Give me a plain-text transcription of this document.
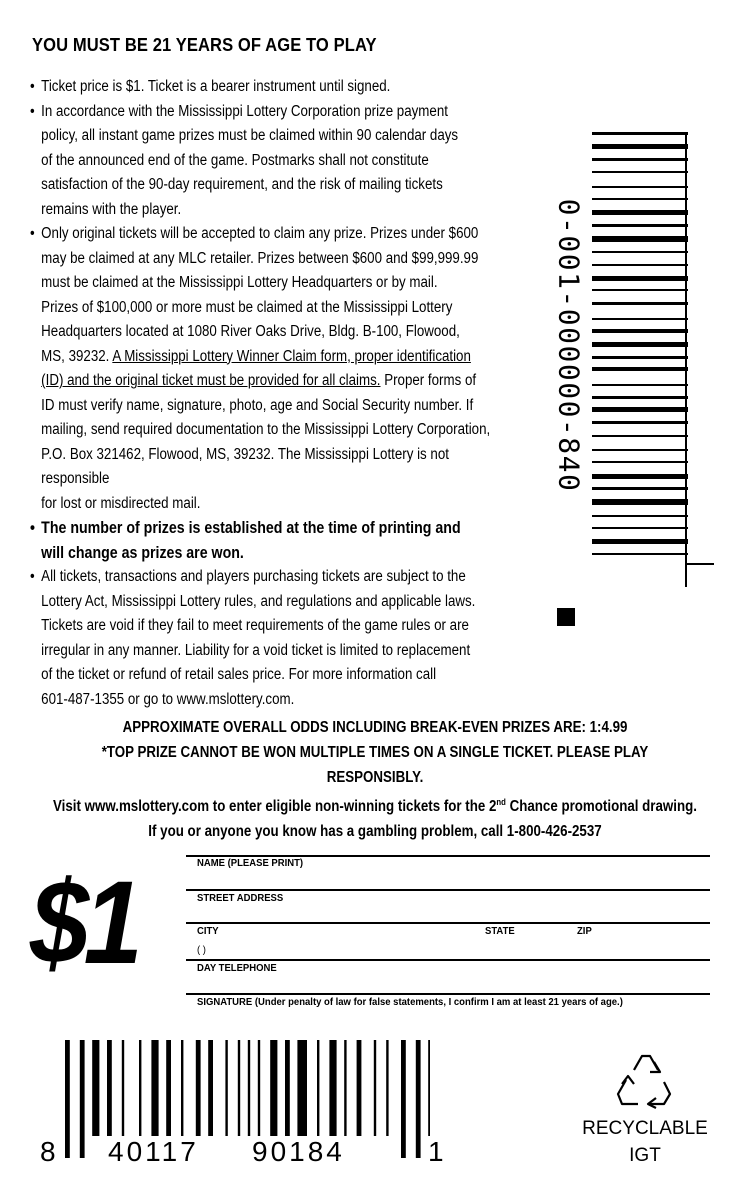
YOU MUST BE 21 YEARS OF AGE TO PLAY
• Ticket price is $1. Ticket is a bearer instrument until signed.
• In accordance with the Mississippi Lottery Corporation prize payment
policy, all instant game prizes must be claimed within 90 calendar days
of the announced end of the game. Postmarks shall not constitute
satisfaction of the 90-day requirement, and the risk of mailing tickets
remains with the player.
• Only original tickets will be accepted to claim any prize. Prizes under $600
may be claimed at any MLC retailer. Prizes between $600 and $99,999.99
must be claimed at the Mississippi Lottery Headquarters or by mail.
Prizes of $100,000 or more must be claimed at the Mississippi Lottery
Headquarters located at 1080 River Oaks Drive, Bldg. B-100, Flowood,
MS, 39232. A Mississippi Lottery Winner Claim form, proper identification
(ID) and the original ticket must be provided for all claims. Proper forms of
ID must verify name, signature, photo, age and Social Security number. If
mailing, send required documentation to the Mississippi Lottery Corporation,
P.O. Box 321462, Flowood, MS, 39232. The Mississippi Lottery is not responsible
for lost or misdirected mail.
• The number of prizes is established at the time of printing and
will change as prizes are won.
• All tickets, transactions and players purchasing tickets are subject to the
Lottery Act, Mississippi Lottery rules, and regulations and applicable laws.
Tickets are void if they fail to meet requirements of the game rules or are
irregular in any manner. Liability for a void ticket is limited to replacement
of the ticket or refund of retail sales price. For more information call
601-487-1355 or go to www.mslottery.com.
0-001-000000-840
APPROXIMATE OVERALL ODDS INCLUDING BREAK-EVEN PRIZES ARE: 1:4.99
*TOP PRIZE CANNOT BE WON MULTIPLE TIMES ON A SINGLE TICKET. PLEASE PLAY RESPONSIBLY.
Visit www.mslottery.com to enter eligible non-winning tickets for the 2nd Chance promotional drawing.
If you or anyone you know has a gambling problem, call 1-800-426-2537
$1	NAME (PLEASE PRINT)
STREET ADDRESS
CITY	STATE	ZIP
( )
DAY TELEPHONE
SIGNATURE (Under penalty of law for false statements, I confirm I am at least 21 years of age.)
8 40117 90184	1
RECYCLABLE
IGT
